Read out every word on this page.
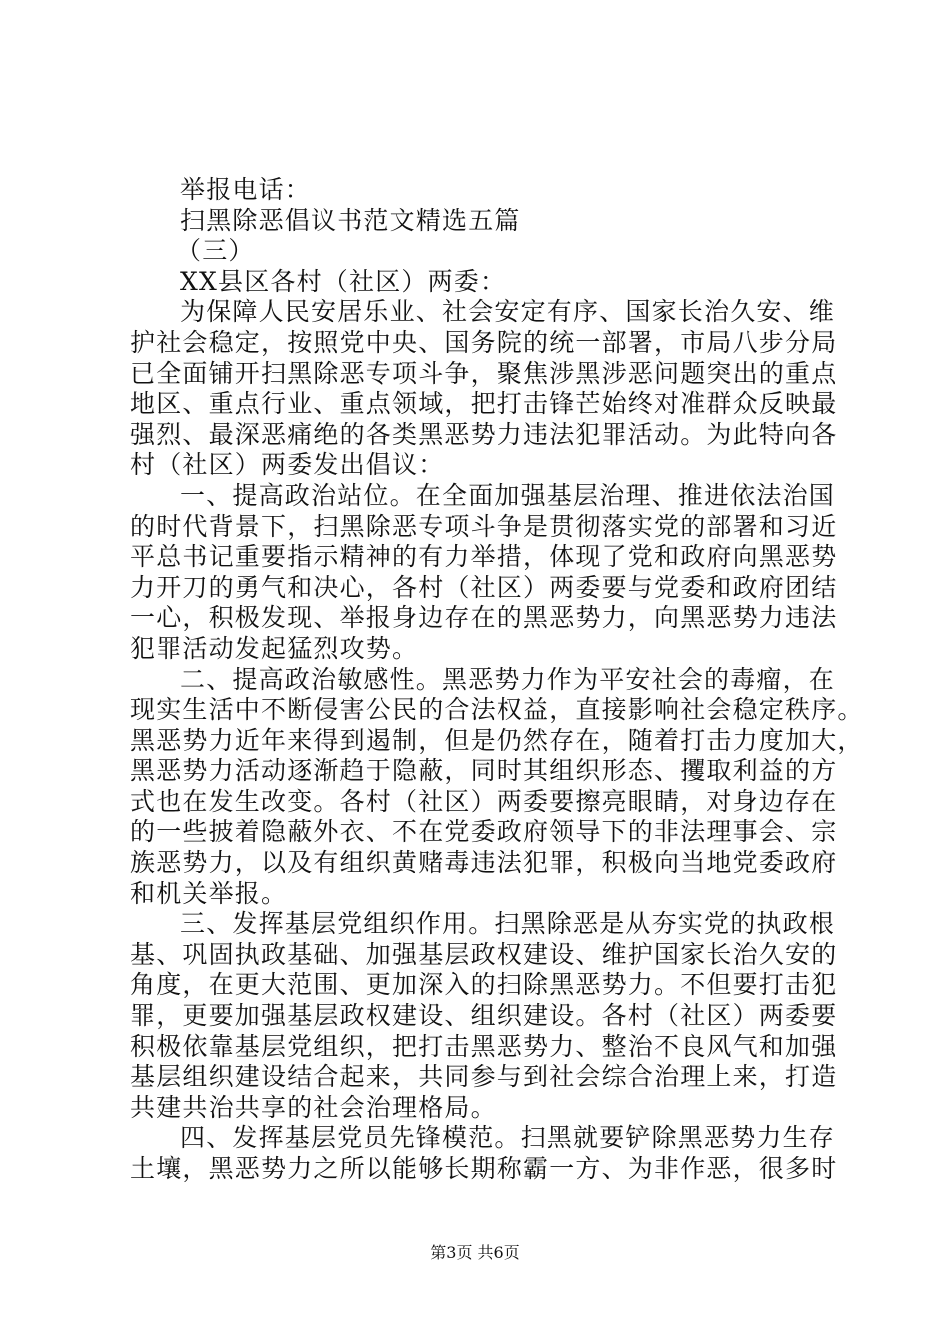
举报电话：
扫黑除恶倡议书范文精选五篇
（三）
XX县区各村（社区）两委：
为保障人民安居乐业、社会安定有序、国家长治久安、维
护社会稳定，按照党中央、国务院的统一部署，市局八步分局
已全面铺开扫黑除恶专项斗争，聚焦涉黑涉恶问题突出的重点
地区、重点行业、重点领域，把打击锋芒始终对准群众反映最
强烈、最深恶痛绝的各类黑恶势力违法犯罪活动。为此特向各
村（社区）两委发出倡议：
一、提高政治站位。在全面加强基层治理、推进依法治国
的时代背景下，扫黑除恶专项斗争是贯彻落实党的部署和习近
平总书记重要指示精神的有力举措，体现了党和政府向黑恶势
力开刀的勇气和决心，各村（社区）两委要与党委和政府团结
一心，积极发现、举报身边存在的黑恶势力，向黑恶势力违法
犯罪活动发起猛烈攻势。
二、提高政治敏感性。黑恶势力作为平安社会的毒瘤，在
现实生活中不断侵害公民的合法权益，直接影响社会稳定秩序。
黑恶势力近年来得到遏制，但是仍然存在，随着打击力度加大，
黑恶势力活动逐渐趋于隐蔽，同时其组织形态、攫取利益的方
式也在发生改变。各村（社区）两委要擦亮眼睛，对身边存在
的一些披着隐蔽外衣、不在党委政府领导下的非法理事会、宗
族恶势力，以及有组织黄赌毒违法犯罪，积极向当地党委政府
和机关举报。
三、发挥基层党组织作用。扫黑除恶是从夯实党的执政根
基、巩固执政基础、加强基层政权建设、维护国家长治久安的
角度，在更大范围、更加深入的扫除黑恶势力。不但要打击犯
罪，更要加强基层政权建设、组织建设。各村（社区）两委要
积极依靠基层党组织，把打击黑恶势力、整治不良风气和加强
基层组织建设结合起来，共同参与到社会综合治理上来，打造
共建共治共享的社会治理格局。
四、发挥基层党员先锋模范。扫黑就要铲除黑恶势力生存
土壤，黑恶势力之所以能够长期称霸一方、为非作恶，很多时
第3页 共6页
